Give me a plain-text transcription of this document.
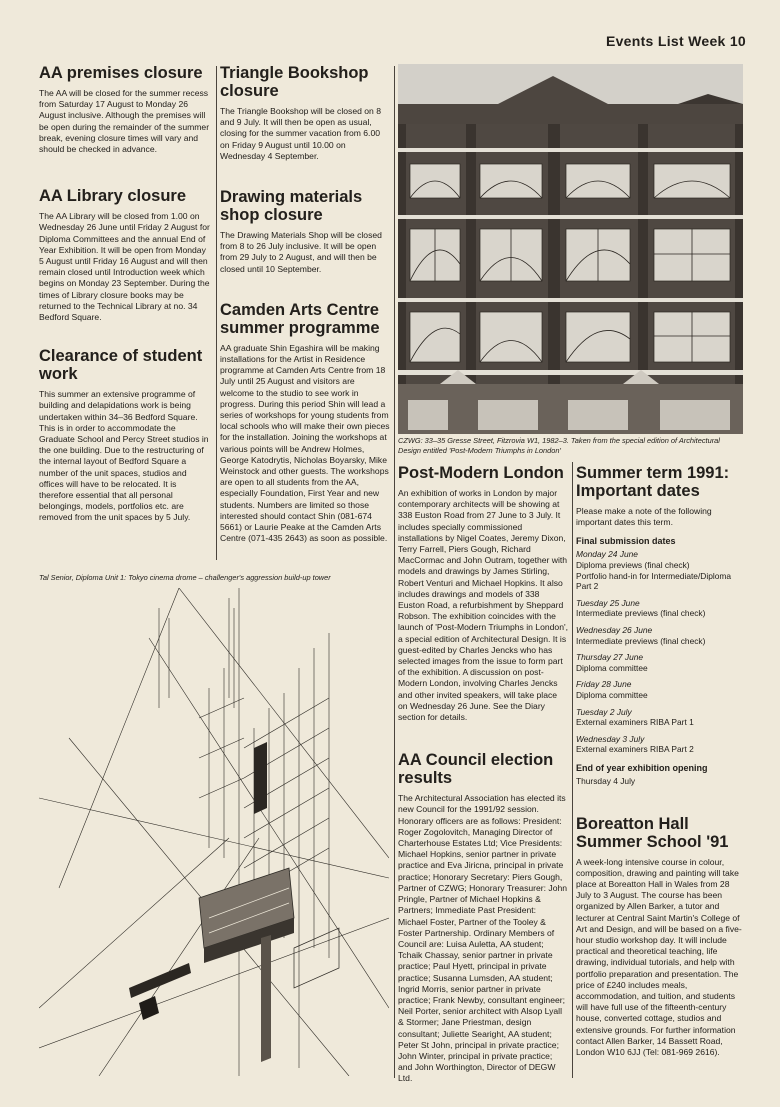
Events List Week 10
AA premises closure

The AA will be closed for the summer recess from Saturday 17 August to Monday 26 August inclusive. Although the premises will be open during the remainder of the summer break, evening closure times will vary and should be checked in advance.

AA Library closure

The AA Library will be closed from 1.00 on Wednesday 26 June until Friday 2 August for Diploma Committees and the annual End of Year Exhibition. It will be open from Monday 5 August until Friday 16 August and will then remain closed until Introduction week which begins on Monday 23 September. During the times of Library closure books may be returned to the Technical Library at no. 34 Bedford Square.

Clearance of student work

This summer an extensive programme of building and delapidations work is being undertaken within 34–36 Bedford Square. This is in order to accommodate the Graduate School and Percy Street studios in the one building. Due to the restructuring of the internal layout of Bedford Square a number of the unit spaces, studios and offices will have to be relocated. It is therefore essential that all personal belongings, models, portfolios etc. are removed from the unit spaces by 5 July.

Triangle Bookshop closure

The Triangle Bookshop will be closed on 8 and 9 July. It will then be open as usual, closing for the summer vacation from 6.00 on Friday 9 August until 10.00 on Wednesday 4 September.

Drawing materials shop closure

The Drawing Materials Shop will be closed from 8 to 26 July inclusive. It will be open from 29 July to 2 August, and will then be closed until 10 September.

Camden Arts Centre summer programme

AA graduate Shin Egashira will be making installations for the Artist in Residence programme at Camden Arts Centre from 18 July until 25 August and visitors are welcome to the studio to see work in progress. During this period Shin will lead a series of workshops for young students from local schools who will make their own pieces for the installation. Joining the workshops at various points will be Andrew Holmes, George Katodrytis, Nicholas Boyarsky, Mike Weinstock and other guests. The workshops are open to all students from the AA, especially Foundation, First Year and new students. Numbers are limited so those interested should contact Shin (081-674 5661) or Laurie Peake at the Camden Arts Centre (071-435 2643) as soon as possible.

Tal Senior, Diploma Unit 1: Tokyo cinema drome – challenger's aggression build-up tower
CZWG: 33–35 Gresse Street, Fitzrovia W1, 1982–3. Taken from the special edition of Architectural Design entitled 'Post-Modern Triumphs in London'
Post-Modern London

An exhibition of works in London by major contemporary architects will be showing at 338 Euston Road from 27 June to 3 July. It includes specially commissioned installations by Nigel Coates, Jeremy Dixon, Terry Farrell, Piers Gough, Richard MacCormac and John Outram, together with models and drawings by James Stirling, Robert Venturi and Michael Hopkins. It also includes drawings and models of 338 Euston Road, a refurbishment by Sheppard Robson. The exhibition coincides with the launch of 'Post-Modern Triumphs in London', a special edition of Architectural Design. It is guest-edited by Charles Jencks who has selected images from the issue to form part of the exhibition. A discussion on post-Modern London, involving Charles Jencks and other invited speakers, will take place on Wednesday 26 June. See the Diary section for details.

AA Council election results

The Architectural Association has elected its new Council for the 1991/92 session. Honorary officers are as follows: President: Roger Zogolovitch, Managing Director of Charterhouse Estates Ltd; Vice Presidents: Michael Hopkins, senior partner in private practice and Eva Jiricna, principal in private practice; Honorary Secretary: Piers Gough, Partner of CZWG; Honorary Treasurer: John Pringle, Partner of Michael Hopkins & Partners; Immediate Past President: Michael Foster, Partner of the Tooley & Foster Partnership. Ordinary Members of Council are: Luisa Auletta, AA student; Tchaik Chassay, senior partner in private practice; Paul Hyett, principal in private practice; Susanna Lumsden, AA student; Ingrid Morris, senior partner in private practice; Frank Newby, consultant engineer; Neil Porter, senior architect with Alsop Lyall & Stormer; Jane Priestman, design consultant; Juliette Searight, AA student; Peter St John, principal in private practice; John Winter, principal in private practice; and John Worthington, Director of DEGW Ltd.

Summer term 1991: Important dates

Please make a note of the following important dates this term.

Final submission dates
Monday 24 June
Diploma previews (final check)
Portfolio hand-in for Intermediate/Diploma Part 2
Tuesday 25 June
Intermediate previews (final check)
Wednesday 26 June
Intermediate previews (final check)
Thursday 27 June
Diploma committee
Friday 28 June
Diploma committee
Tuesday 2 July
External examiners RIBA Part 1
Wednesday 3 July
External examiners RIBA Part 2
End of year exhibition opening
Thursday 4 July
Boreatton Hall Summer School '91

A week-long intensive course in colour, composition, drawing and painting will take place at Boreatton Hall in Wales from 28 July to 3 August. The course has been organized by Allen Barker, a tutor and lecturer at Central Saint Martin's College of Art and Design, and will be based on a five-hour studio workshop day. It will include practical and theoretical teaching, life drawing, individual tutorials, and help with portfolio preparation and presentation. The price of £240 includes meals, accommodation, and tuition, and students will have full use of the fifteenth-century house, converted cottage, studios and extensive grounds. For further information contact Allen Barker, 14 Bassett Road, London W10 6JJ (Tel: 081-969 2616).
